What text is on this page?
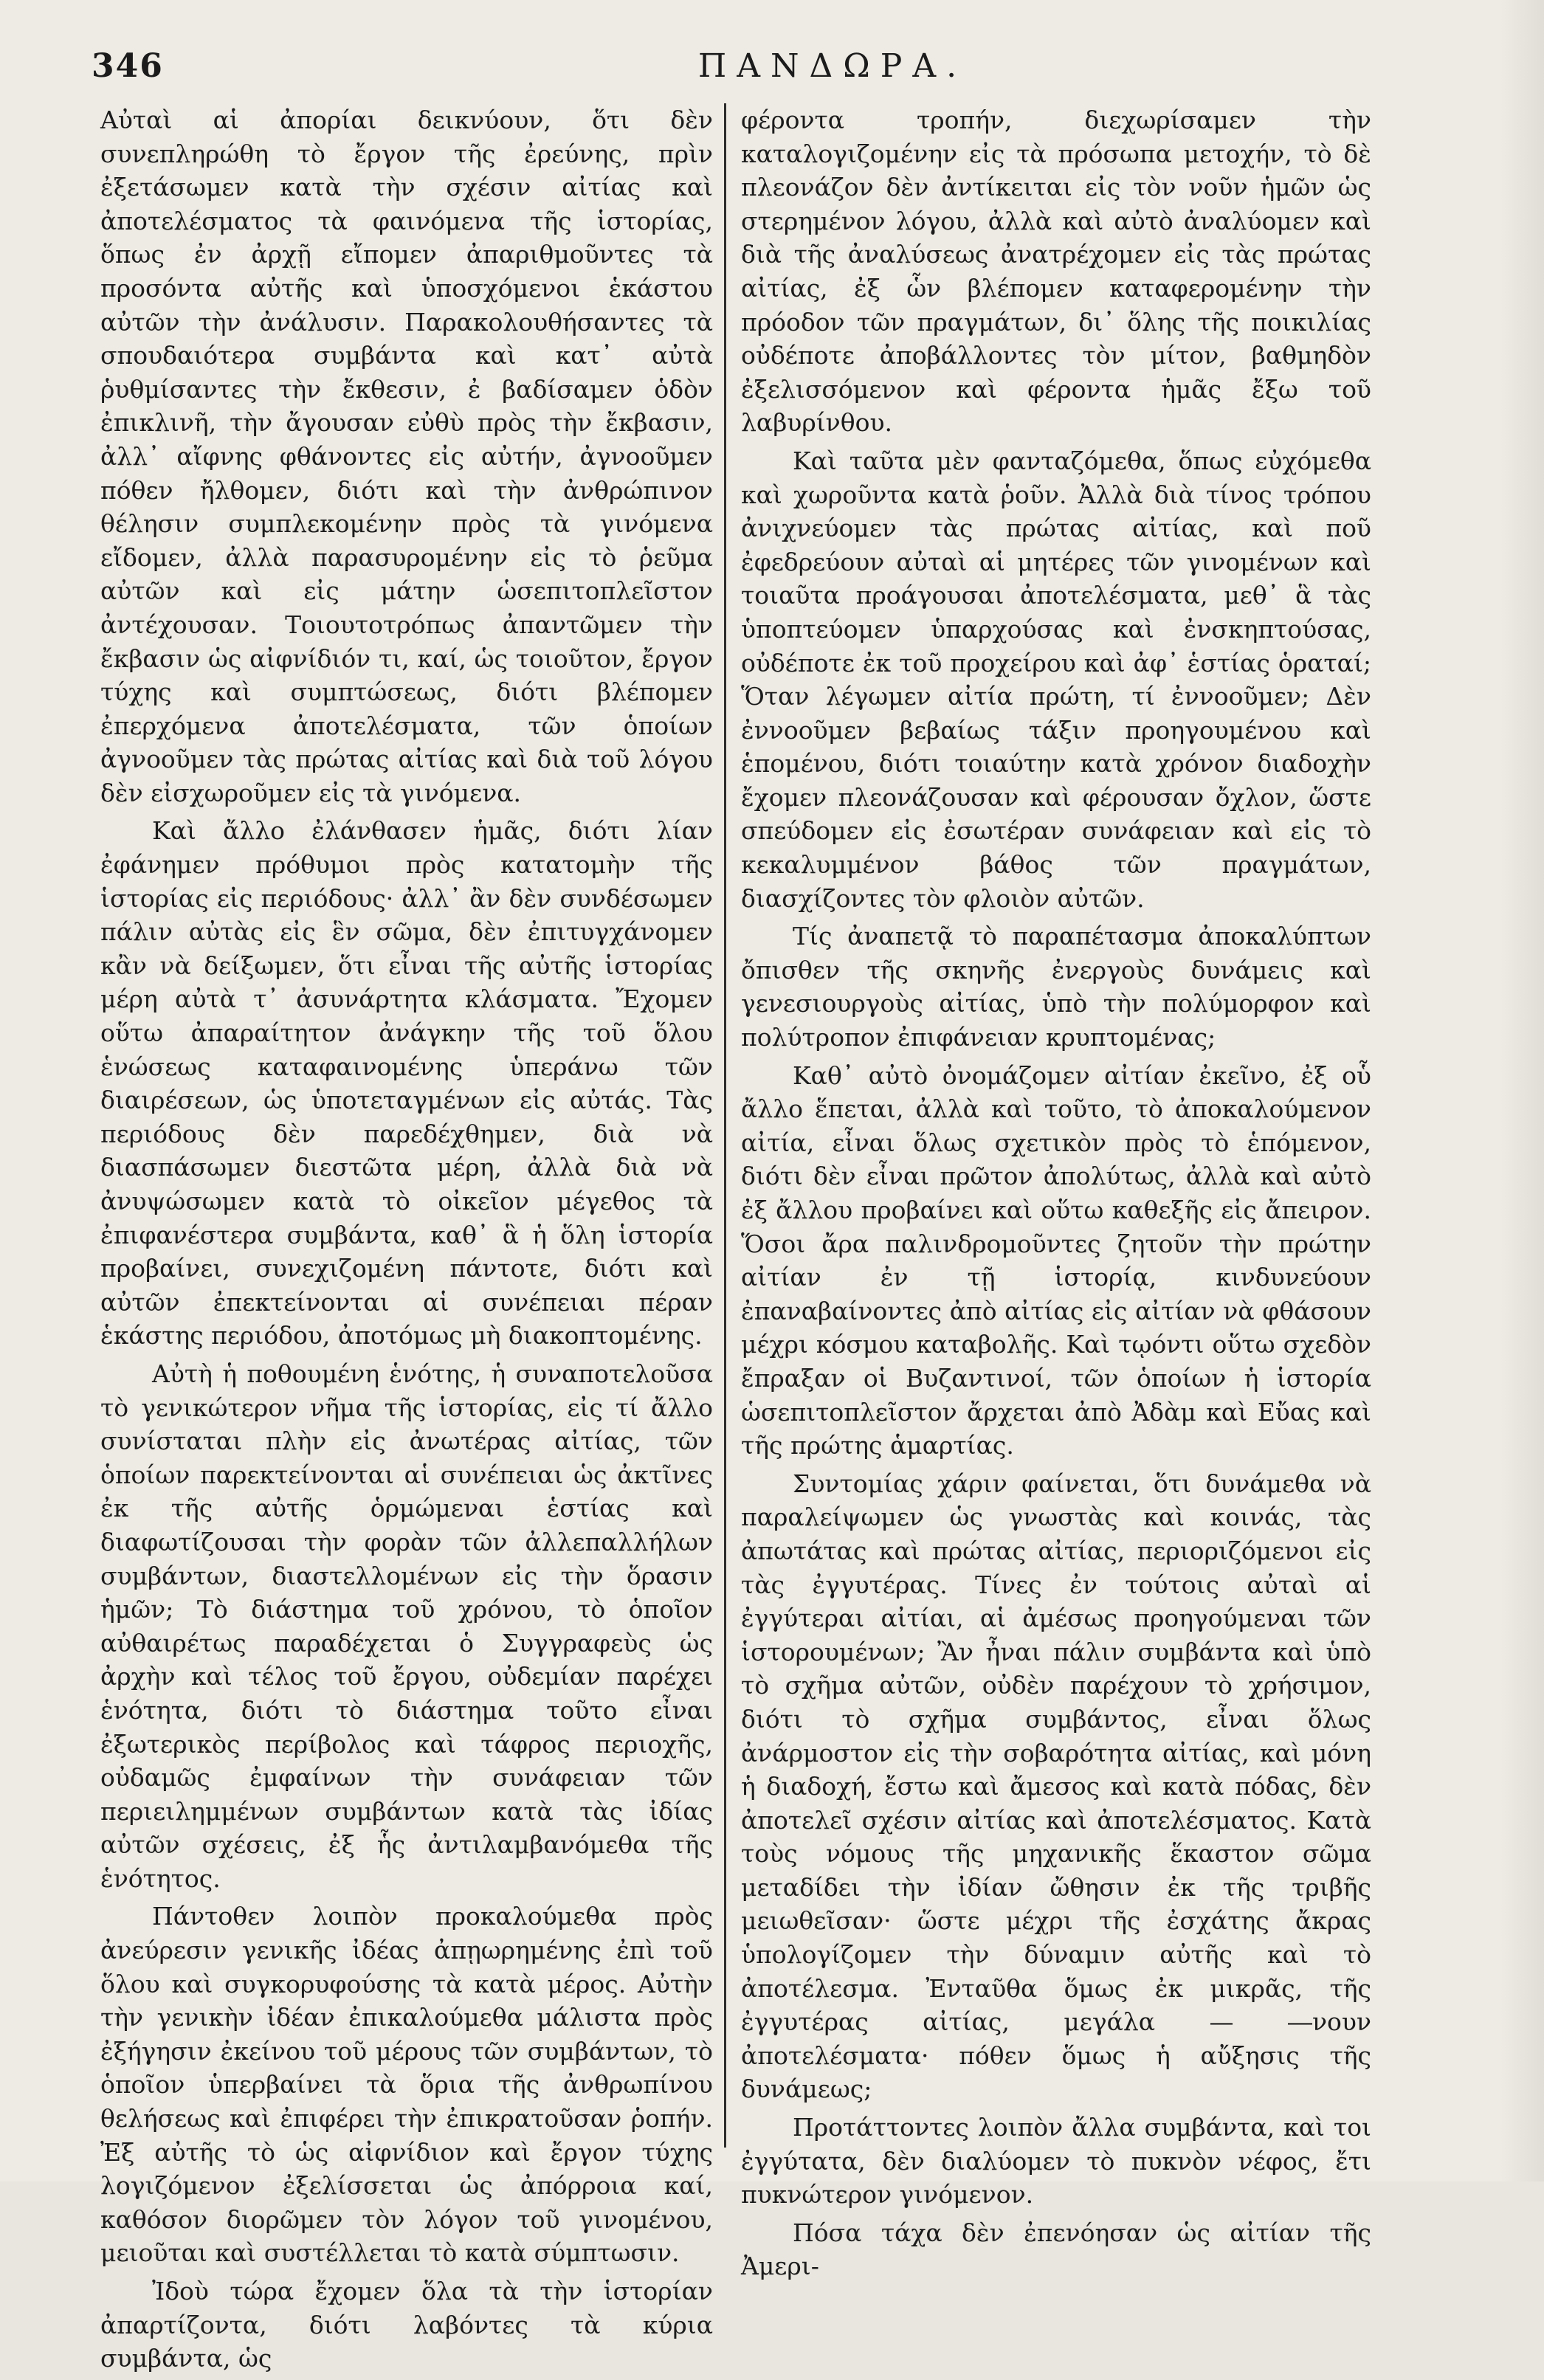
346	ΠΑΝΔΩΡΑ.

Αὐταὶ αἱ ἀπορίαι δεικνύουν, ὅτι δὲν συνεπληρώθη τὸ ἔργον τῆς ἐρεύνης, πρὶν ἐξετάσωμεν κατὰ τὴν σχέσιν αἰτίας καὶ ἀποτελέσματος τὰ φαινόμενα τῆς ἱστορίας, ὅπως ἐν ἀρχῇ εἴπομεν ἀπαριθμοῦντες τὰ προσόντα αὐτῆς καὶ ὑποσχόμενοι ἑκάστου αὐτῶν τὴν ἀνάλυσιν. Παρακολουθήσαντες τὰ σπουδαιότερα συμβάντα καὶ κατ᾽ αὐτὰ ῥυθμίσαντες τὴν ἔκθεσιν, ἐ βαδίσαμεν ὁδὸν ἐπικλινῆ, τὴν ἄγουσαν εὐθὺ πρὸς τὴν ἔκβασιν, ἀλλ᾽ αἴφνης φθάνοντες εἰς αὐτήν, ἀγνοοῦμεν πόθεν ἤλθομεν, διότι καὶ τὴν ἀνθρώπινον θέλησιν συμπλεκομένην πρὸς τὰ γινόμενα εἴδομεν, ἀλλὰ παρασυρομένην εἰς τὸ ῥεῦμα αὐτῶν καὶ εἰς μάτην ὡσεπιτοπλεῖστον ἀντέχουσαν. Τοιουτοτρόπως ἀπαντῶμεν τὴν ἔκβασιν ὡς αἰφνίδιόν τι, καί, ὡς τοιοῦτον, ἔργον τύχης καὶ συμπτώσεως, διότι βλέπομεν ἐπερχόμενα ἀποτελέσματα, τῶν ὁποίων ἀγνοοῦμεν τὰς πρώτας αἰτίας καὶ διὰ τοῦ λόγου δὲν εἰσχωροῦμεν εἰς τὰ γινόμενα.

Καὶ ἄλλο ἐλάνθασεν ἡμᾶς, διότι λίαν ἐφάνημεν πρόθυμοι πρὸς κατατομὴν τῆς ἱστορίας εἰς περιόδους· ἀλλ᾽ ἂν δὲν συνδέσωμεν πάλιν αὐτὰς εἰς ἓν σῶμα, δὲν ἐπιτυγχάνομεν κἂν νὰ δείξωμεν, ὅτι εἶναι τῆς αὐτῆς ἱστορίας μέρη αὐτὰ τ᾽ ἀσυνάρτητα κλάσματα. Ἔχομεν οὕτω ἀπαραίτητον ἀνάγκην τῆς τοῦ ὅλου ἑνώσεως καταφαινομένης ὑπεράνω τῶν διαιρέσεων, ὡς ὑποτεταγμένων εἰς αὐτάς. Τὰς περιόδους δὲν παρεδέχθημεν, διὰ νὰ διασπάσωμεν διεστῶτα μέρη, ἀλλὰ διὰ νὰ ἀνυψώσωμεν κατὰ τὸ οἰκεῖον μέγεθος τὰ ἐπιφανέστερα συμβάντα, καθ᾽ ἃ ἡ ὅλη ἱστορία προβαίνει, συνεχιζομένη πάντοτε, διότι καὶ αὐτῶν ἐπεκτείνονται αἱ συνέπειαι πέραν ἑκάστης περιόδου, ἀποτόμως μὴ διακοπτομένης.

Αὐτὴ ἡ ποθουμένη ἑνότης, ἡ συναποτελοῦσα τὸ γενικώτερον νῆμα τῆς ἱστορίας, εἰς τί ἄλλο συνίσταται πλὴν εἰς ἀνωτέρας αἰτίας, τῶν ὁποίων παρεκτείνονται αἱ συνέπειαι ὡς ἀκτῖνες ἐκ τῆς αὐτῆς ὁρμώμεναι ἑστίας καὶ διαφωτίζουσαι τὴν φορὰν τῶν ἀλλεπαλλήλων συμβάντων, διαστελλομένων εἰς τὴν ὅρασιν ἡμῶν; Τὸ διάστημα τοῦ χρόνου, τὸ ὁποῖον αὐθαιρέτως παραδέχεται ὁ Συγγραφεὺς ὡς ἀρχὴν καὶ τέλος τοῦ ἔργου, οὐδεμίαν παρέχει ἑνότητα, διότι τὸ διάστημα τοῦτο εἶναι ἐξωτερικὸς περίβολος καὶ τάφρος περιοχῆς, οὐδαμῶς ἐμφαίνων τὴν συνάφειαν τῶν περιειλημμένων συμβάντων κατὰ τὰς ἰδίας αὐτῶν σχέσεις, ἐξ ἧς ἀντιλαμβανόμεθα τῆς ἑνότητος.

Πάντοθεν λοιπὸν προκαλούμεθα πρὸς ἀνεύρεσιν γενικῆς ἰδέας ἀπῃωρημένης ἐπὶ τοῦ ὅλου καὶ συγκορυφούσης τὰ κατὰ μέρος. Αὐτὴν τὴν γενικὴν ἰδέαν ἐπικαλούμεθα μάλιστα πρὸς ἐξήγησιν ἐκείνου τοῦ μέρους τῶν συμβάντων, τὸ ὁποῖον ὑπερβαίνει τὰ ὅρια τῆς ἀνθρωπίνου θελήσεως καὶ ἐπιφέρει τὴν ἐπικρατοῦσαν ῥοπήν. Ἐξ αὐτῆς τὸ ὡς αἰφνίδιον καὶ ἔργον τύχης λογιζόμενον ἐξελίσσεται ὡς ἀπόρροια καί, καθόσον διορῶμεν τὸν λόγον τοῦ γινομένου, μειοῦται καὶ συστέλλεται τὸ κατὰ σύμπτωσιν.

Ἰδοὺ τώρα ἔχομεν ὅλα τὰ τὴν ἱστορίαν ἀπαρτίζοντα, διότι λαβόντες τὰ κύρια συμβάντα, ὡς

φέροντα τροπήν, διεχωρίσαμεν τὴν καταλογιζομένην εἰς τὰ πρόσωπα μετοχήν, τὸ δὲ πλεονάζον δὲν ἀντίκειται εἰς τὸν νοῦν ἡμῶν ὡς στερημένον λόγου, ἀλλὰ καὶ αὐτὸ ἀναλύομεν καὶ διὰ τῆς ἀναλύσεως ἀνατρέχομεν εἰς τὰς πρώτας αἰτίας, ἐξ ὧν βλέπομεν καταφερομένην τὴν πρόοδον τῶν πραγμάτων, δι᾽ ὅλης τῆς ποικιλίας οὐδέποτε ἀποβάλλοντες τὸν μίτον, βαθμηδὸν ἐξελισσόμενον καὶ φέροντα ἡμᾶς ἔξω τοῦ λαβυρίνθου.

Καὶ ταῦτα μὲν φανταζόμεθα, ὅπως εὐχόμεθα καὶ χωροῦντα κατὰ ῥοῦν. Ἀλλὰ διὰ τίνος τρόπου ἀνιχνεύομεν τὰς πρώτας αἰτίας, καὶ ποῦ ἐφεδρεύουν αὐταὶ αἱ μητέρες τῶν γινομένων καὶ τοιαῦτα προάγουσαι ἀποτελέσματα, μεθ᾽ ἃ τὰς ὑποπτεύομεν ὑπαρχούσας καὶ ἐνσκηπτούσας, οὐδέποτε ἐκ τοῦ προχείρου καὶ ἀφ᾽ ἑστίας ὁραταί; Ὅταν λέγωμεν αἰτία πρώτη, τί ἐννοοῦμεν; Δὲν ἐννοοῦμεν βεβαίως τάξιν προηγουμένου καὶ ἑπομένου, διότι τοιαύτην κατὰ χρόνον διαδοχὴν ἔχομεν πλεονάζουσαν καὶ φέρουσαν ὄχλον, ὥστε σπεύδομεν εἰς ἐσωτέραν συνάφειαν καὶ εἰς τὸ κεκαλυμμένον βάθος τῶν πραγμάτων, διασχίζοντες τὸν φλοιὸν αὐτῶν.

Τίς ἀναπετᾷ τὸ παραπέτασμα ἀποκαλύπτων ὄπισθεν τῆς σκηνῆς ἐνεργοὺς δυνάμεις καὶ γενεσιουργοὺς αἰτίας, ὑπὸ τὴν πολύμορφον καὶ πολύτροπον ἐπιφάνειαν κρυπτομένας;

Καθ᾽ αὐτὸ ὀνομάζομεν αἰτίαν ἐκεῖνο, ἐξ οὗ ἄλλο ἕπεται, ἀλλὰ καὶ τοῦτο, τὸ ἀποκαλούμενον αἰτία, εἶναι ὅλως σχετικὸν πρὸς τὸ ἑπόμενον, διότι δὲν εἶναι πρῶτον ἀπολύτως, ἀλλὰ καὶ αὐτὸ ἐξ ἄλλου προβαίνει καὶ οὕτω καθεξῆς εἰς ἄπειρον. Ὅσοι ἄρα παλινδρομοῦντες ζητοῦν τὴν πρώτην αἰτίαν ἐν τῇ ἱστορίᾳ, κινδυνεύουν ἐπαναβαίνοντες ἀπὸ αἰτίας εἰς αἰτίαν νὰ φθάσουν μέχρι κόσμου καταβολῆς. Καὶ τῳόντι οὕτω σχεδὸν ἔπραξαν οἱ Βυζαντινοί, τῶν ὁποίων ἡ ἱστορία ὡσεπιτοπλεῖστον ἄρχεται ἀπὸ Ἀδὰμ καὶ Εὔας καὶ τῆς πρώτης ἁμαρτίας.

Συντομίας χάριν φαίνεται, ὅτι δυνάμεθα νὰ παραλείψωμεν ὡς γνωστὰς καὶ κοινάς, τὰς ἀπωτάτας καὶ πρώτας αἰτίας, περιοριζόμενοι εἰς τὰς ἐγγυτέρας. Τίνες ἐν τούτοις αὐταὶ αἱ ἐγγύτεραι αἰτίαι, αἱ ἀμέσως προηγούμεναι τῶν ἱστορουμένων; Ἂν ἦναι πάλιν συμβάντα καὶ ὑπὸ τὸ σχῆμα αὐτῶν, οὐδὲν παρέχουν τὸ χρήσιμον, διότι τὸ σχῆμα συμβάντος, εἶναι ὅλως ἀνάρμοστον εἰς τὴν σοβαρότητα αἰτίας, καὶ μόνη ἡ διαδοχή, ἔστω καὶ ἄμεσος καὶ κατὰ πόδας, δὲν ἀποτελεῖ σχέσιν αἰτίας καὶ ἀποτελέσματος. Κατὰ τοὺς νόμους τῆς μηχανικῆς ἕκαστον σῶμα μεταδίδει τὴν ἰδίαν ὤθησιν ἐκ τῆς τριβῆς μειωθεῖσαν· ὥστε μέχρι τῆς ἐσχάτης ἄκρας ὑπολογίζομεν τὴν δύναμιν αὐτῆς καὶ τὸ ἀποτέλεσμα. Ἐνταῦθα ὅμως ἐκ μικρᾶς, τῆς ἐγγυτέρας αἰτίας, μεγάλα — ―νουν ἀποτελέσματα· πόθεν ὅμως ἡ αὔξησις τῆς δυνάμεως;

Προτάττοντες λοιπὸν ἄλλα συμβάντα, καὶ τοι ἐγγύτατα, δὲν διαλύομεν τὸ πυκνὸν νέφος, ἔτι πυκνώτερον γινόμενον.

Πόσα τάχα δὲν ἐπενόησαν ὡς αἰτίαν τῆς Ἀμερι-
